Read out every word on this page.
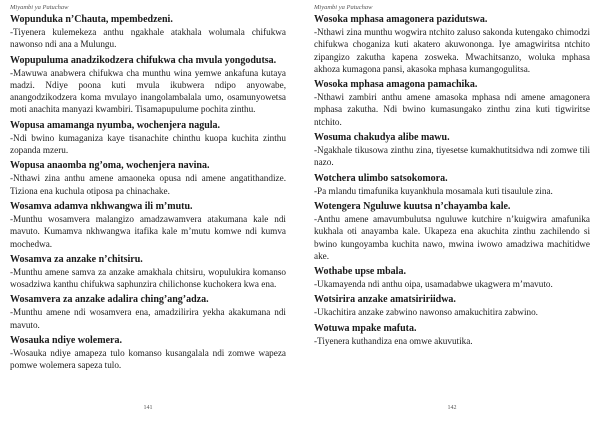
Miyambi ya Patuchaw
Wopunduka n’Chauta, mpembedzeni.
-Tiyenera kulemekeza anthu ngakhale atakhala wolumala chifukwa nawonso ndi ana a Mulungu.
Wopupuluma anadzikodzera chifukwa cha mvula yongodutsa.
-Mawuwa anabwera chifukwa cha munthu wina yemwe ankafuna kutaya madzi. Ndiye poona kuti mvula ikubwera ndipo anyowabe, anangodzikodzera koma mvulayo inangolambalala umo, osamunyowetsa moti anachita manyazi kwambiri. Tisamapupulume pochita zinthu.
Wopusa amamanga nyumba, wochenjera nagula.
-Ndi bwino kumaganiza kaye tisanachite chinthu kuopa kuchita zinthu zopanda mzeru.
Wopusa anaomba ng’oma, wochenjera navina.
-Nthawi zina anthu amene amaoneka opusa ndi amene angatithandize. Tiziona ena kuchula otiposa pa chinachake.
Wosamva adamva nkhwangwa ili m’mutu.
-Munthu wosamvera malangizo amadzawamvera atakumana kale ndi mavuto. Kumamva nkhwangwa itafika kale m’mutu komwe ndi kumva mochedwa.
Wosamva za anzake n’chitsiru.
-Munthu amene samva za anzake amakhala chitsiru, wopulukira komanso wosadziwa kanthu chifukwa saphunzira chilichonse kuchokera kwa ena.
Wosamvera za anzake adalira ching’ang’adza.
-Munthu amene ndi wosamvera ena, amadzilirira yekha akakumana ndi mavuto.
Wosauka ndiye wolemera.
-Wosauka ndiye amapeza tulo komanso kusangalala ndi zomwe wapeza pomwe wolemera sapeza tulo.
141
Miyambi ya Patuchaw
Wosoka mphasa amagonera pazidutswa.
-Nthawi zina munthu wogwira ntchito zaluso sakonda kutengako chimodzi chifukwa choganiza kuti akatero akuwononga. Iye amagwiritsa ntchito zipangizo zakutha kapena zosweka. Mwachitsanzo, woluka mphasa akhoza kumagona pansi, akasoka mphasa kumangogulitsa.
Wosoka mphasa amagona pamachika.
-Nthawi zambiri anthu amene amasoka mphasa ndi amene amagonera mphasa zakutha. Ndi bwino kumasungako zinthu zina kuti tigwiritse ntchito.
Wosuma chakudya alibe mawu.
-Ngakhale tikusowa zinthu zina, tiyesetse kumakhutitsidwa ndi zomwe tili nazo.
Wotchera ulimbo satsokomora.
-Pa mlandu timafunika kuyankhula mosamala kuti tisaulule zina.
Wotengera Nguluwe kuutsa n’chayamba kale.
-Anthu amene amavumbulutsa nguluwe kutchire n’kuigwira amafunika kukhala oti anayamba kale. Ukapeza ena akuchita zinthu zachilendo si bwino kungoyamba kuchita nawo, mwina iwowo amadziwa machitidwe ake.
Wothabe upse mbala.
-Ukamayenda ndi anthu oipa, usamadabwe ukagwera m’mavuto.
Wotsirira anzake amatsiririidwa.
-Ukachitira anzake zabwino nawonso amakuchitira zabwino.
Wotuwa mpake mafuta.
-Tiyenera kuthandiza ena omwe akuvutika.
142
